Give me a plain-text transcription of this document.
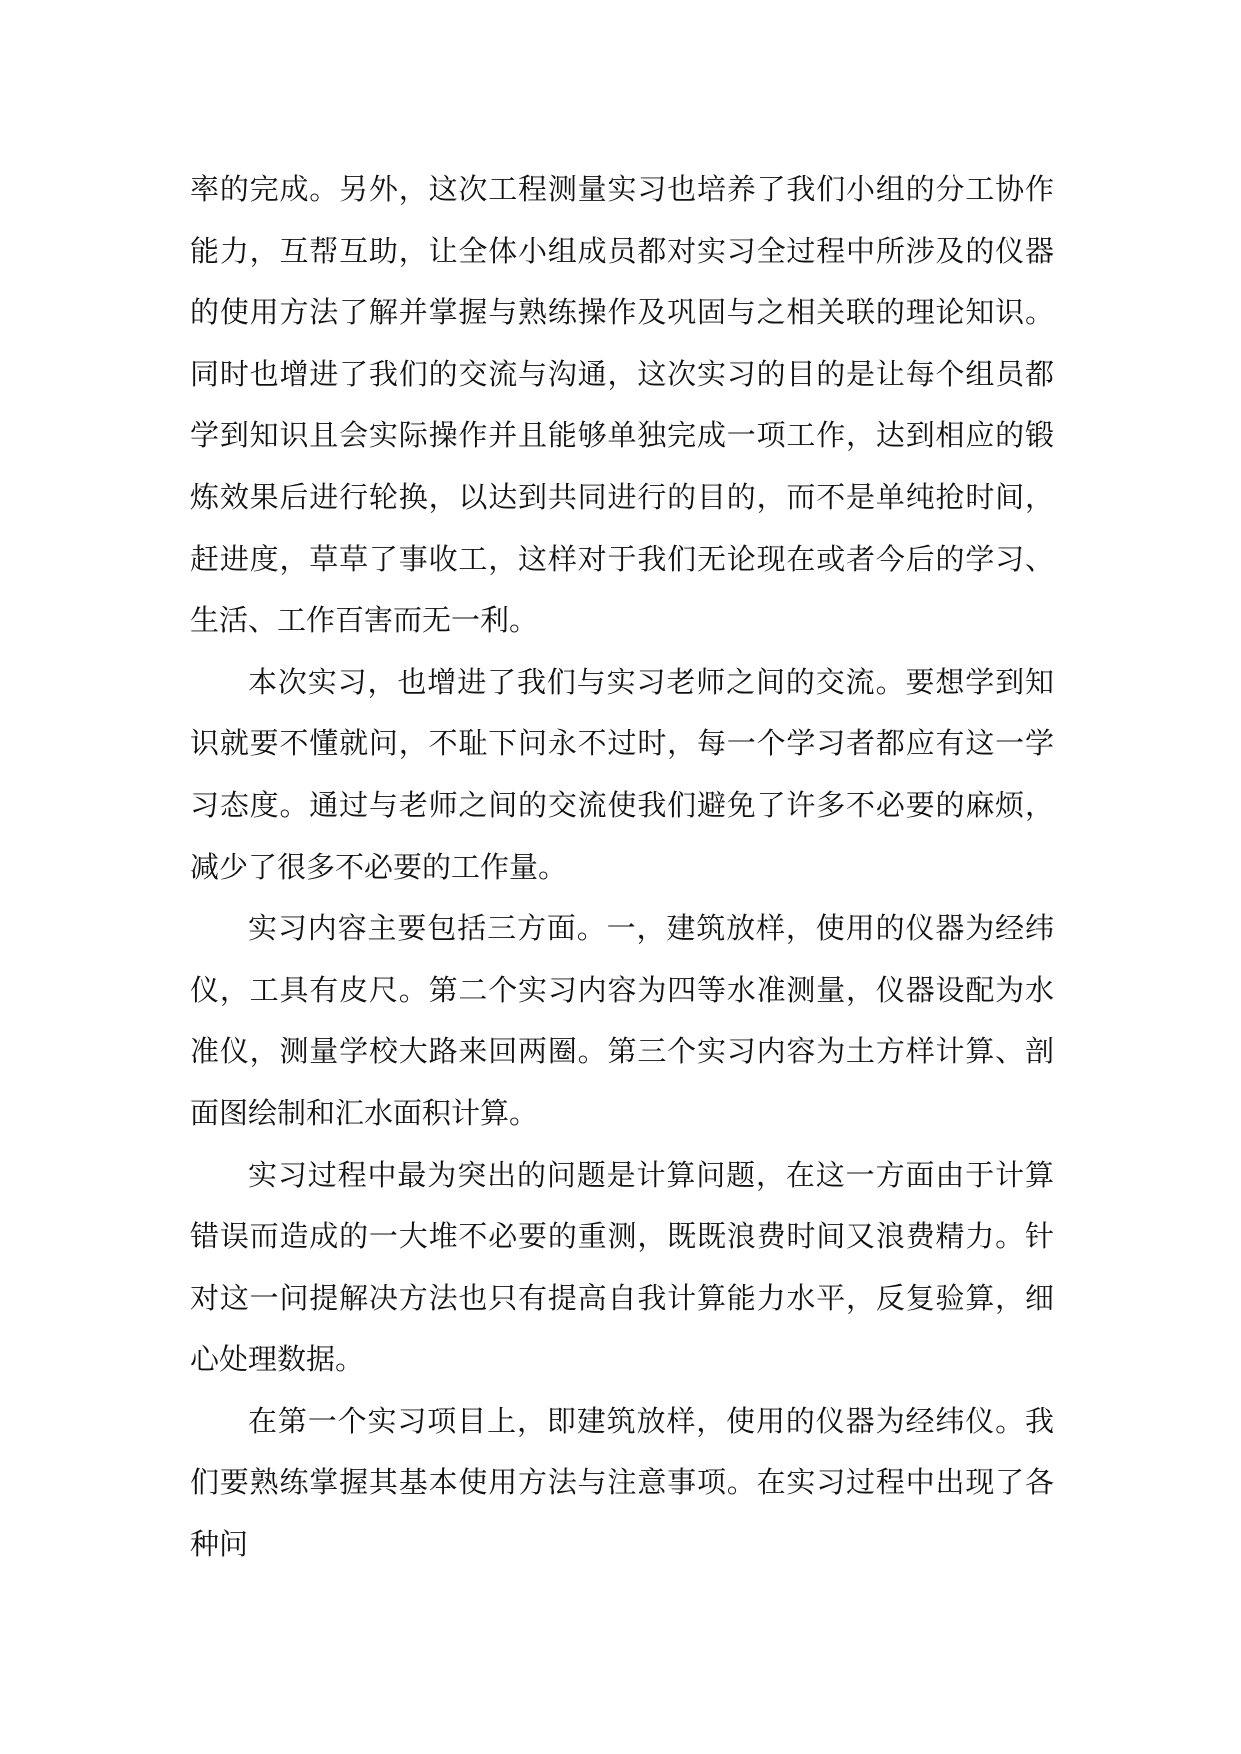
率的完成。另外，这次工程测量实习也培养了我们小组的分工协作能力，互帮互助，让全体小组成员都对实习全过程中所涉及的仪器的使用方法了解并掌握与熟练操作及巩固与之相关联的理论知识。同时也增进了我们的交流与沟通，这次实习的目的是让每个组员都学到知识且会实际操作并且能够单独完成一项工作，达到相应的锻炼效果后进行轮换，以达到共同进行的目的，而不是单纯抢时间，赶进度，草草了事收工，这样对于我们无论现在或者今后的学习、生活、工作百害而无一利。

本次实习，也增进了我们与实习老师之间的交流。要想学到知识就要不懂就问，不耻下问永不过时，每一个学习者都应有这一学习态度。通过与老师之间的交流使我们避免了许多不必要的麻烦，减少了很多不必要的工作量。

实习内容主要包括三方面。一，建筑放样，使用的仪器为经纬仪，工具有皮尺。第二个实习内容为四等水准测量，仪器设配为水准仪，测量学校大路来回两圈。第三个实习内容为土方样计算、剖面图绘制和汇水面积计算。

实习过程中最为突出的问题是计算问题，在这一方面由于计算错误而造成的一大堆不必要的重测，既既浪费时间又浪费精力。针对这一问提解决方法也只有提高自我计算能力水平，反复验算，细心处理数据。

在第一个实习项目上，即建筑放样，使用的仪器为经纬仪。我们要熟练掌握其基本使用方法与注意事项。在实习过程中出现了各种问
